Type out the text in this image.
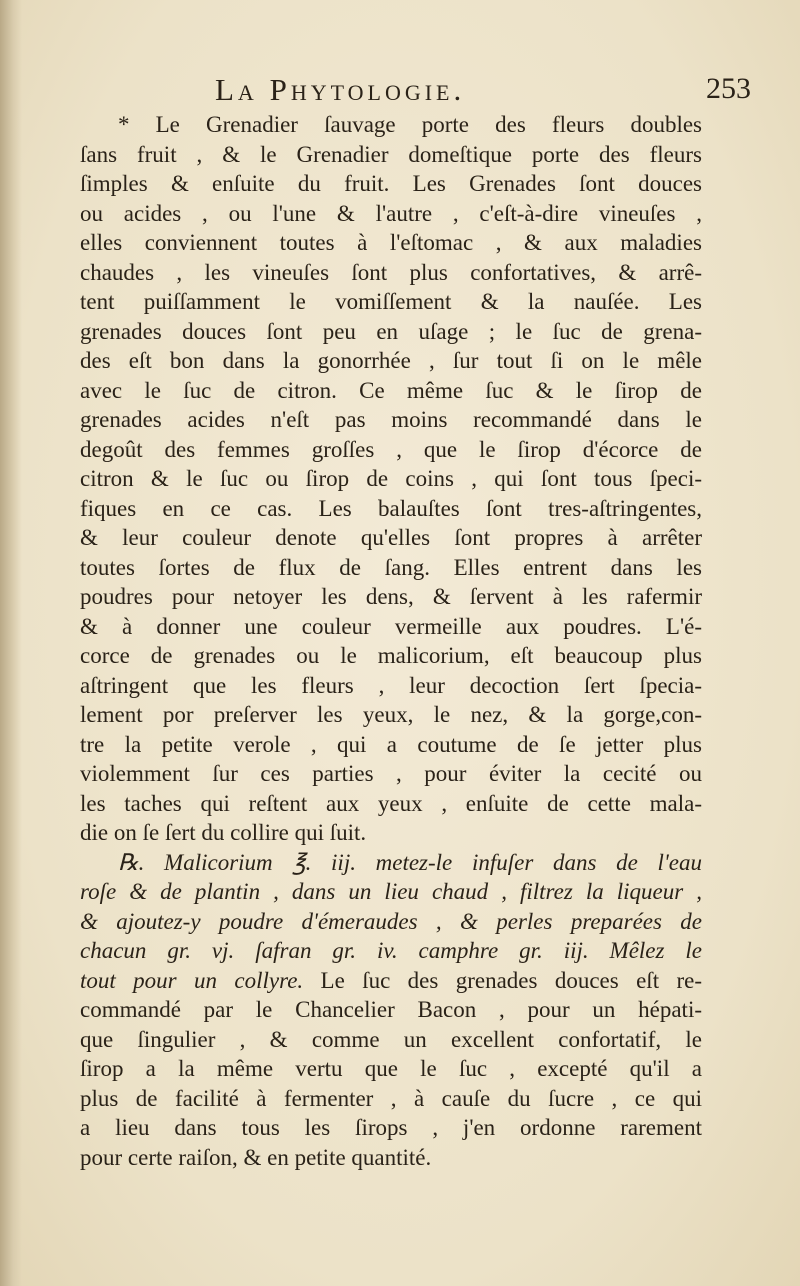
La Phytologie.	253
* Le Grenadier ſauvage porte des fleurs doubles
ſans fruit , & le Grenadier domeſtique porte des fleurs
ſimples & enſuite du fruit. Les Grenades ſont douces
ou acides , ou l'une & l'autre , c'eſt-à-dire vineuſes ,
elles conviennent toutes à l'eſtomac , & aux maladies
chaudes , les vineuſes ſont plus confortatives, & arrê-
tent puiſſamment le vomiſſement & la nauſée. Les
grenades douces ſont peu en uſage ; le ſuc de grena-
des eſt bon dans la gonorrhée , ſur tout ſi on le mêle
avec le ſuc de citron. Ce même ſuc & le ſirop de
grenades acides n'eſt pas moins recommandé dans le
degoût des femmes groſſes , que le ſirop d'écorce de
citron & le ſuc ou ſirop de coins , qui ſont tous ſpeci-
fiques en ce cas. Les balauſtes ſont tres-aſtringentes,
& leur couleur denote qu'elles ſont propres à arrêter
toutes ſortes de flux de ſang. Elles entrent dans les
poudres pour netoyer les dens, & ſervent à les rafermir
& à donner une couleur vermeille aux poudres. L'é-
corce de grenades ou le malicorium, eſt beaucoup plus
aſtringent que les fleurs , leur decoction ſert ſpecia-
lement por preſerver les yeux, le nez, & la gorge,con-
tre la petite verole , qui a coutume de ſe jetter plus
violemment ſur ces parties , pour éviter la cecité ou
les taches qui reſtent aux yeux , enſuite de cette mala-
die on ſe ſert du collire qui ſuit.
℞. Malicorium ℥. iij. metez-le infuſer dans de l'eau
roſe & de plantin , dans un lieu chaud , filtrez la liqueur ,
& ajoutez-y poudre d'émeraudes , & perles preparées de
chacun gr. vj. ſafran gr. iv. camphre gr. iij. Mêlez le
tout pour un collyre. Le ſuc des grenades douces eſt re-
commandé par le Chancelier Bacon , pour un hépati-
que ſingulier , & comme un excellent confortatif, le
ſirop a la même vertu que le ſuc , excepté qu'il a
plus de facilité à fermenter , à cauſe du ſucre , ce qui
a lieu dans tous les ſirops , j'en ordonne rarement
pour certe raiſon, & en petite quantité.
